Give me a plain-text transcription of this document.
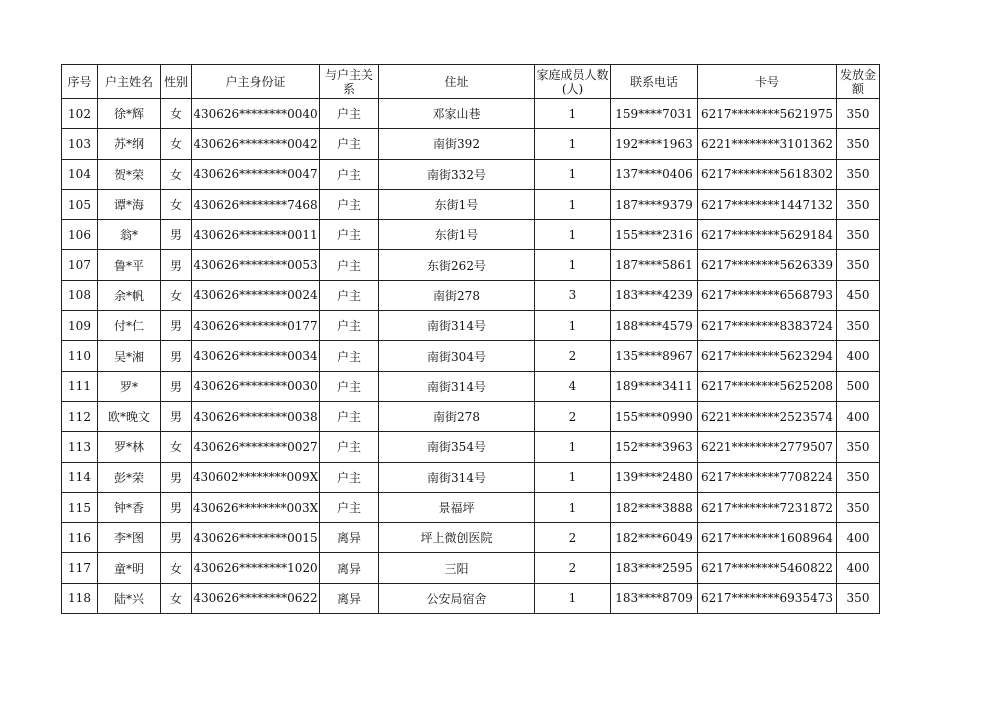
序号	户主姓名	性别	户主身份证	与户主关系	住址	家庭成员人数(人)	联系电话	卡号	发放金额
102	徐*辉	女	430626********0040	户主	邓家山巷	1	159****7031	6217********5621975	350
103	苏*纲	女	430626********0042	户主	南街392	1	192****1963	6221********3101362	350
104	贺*荣	女	430626********0047	户主	南街332号	1	137****0406	6217********5618302	350
105	谭*海	女	430626********7468	户主	东街1号	1	187****9379	6217********1447132	350
106	翁*	男	430626********0011	户主	东街1号	1	155****2316	6217********5629184	350
107	鲁*平	男	430626********0053	户主	东街262号	1	187****5861	6217********5626339	350
108	余*帆	女	430626********0024	户主	南街278	3	183****4239	6217********6568793	450
109	付*仁	男	430626********0177	户主	南街314号	1	188****4579	6217********8383724	350
110	吴*湘	男	430626********0034	户主	南街304号	2	135****8967	6217********5623294	400
111	罗*	男	430626********0030	户主	南街314号	4	189****3411	6217********5625208	500
112	欧*晚文	男	430626********0038	户主	南街278	2	155****0990	6221********2523574	400
113	罗*林	女	430626********0027	户主	南街354号	1	152****3963	6221********2779507	350
114	彭*荣	男	430602********009X	户主	南街314号	1	139****2480	6217********7708224	350
115	钟*香	男	430626********003X	户主	景福坪	1	182****3888	6217********7231872	350
116	李*图	男	430626********0015	离异	坪上微创医院	2	182****6049	6217********1608964	400
117	童*明	女	430626********1020	离异	三阳	2	183****2595	6217********5460822	400
118	陆*兴	女	430626********0622	离异	公安局宿舍	1	183****8709	6217********6935473	350
